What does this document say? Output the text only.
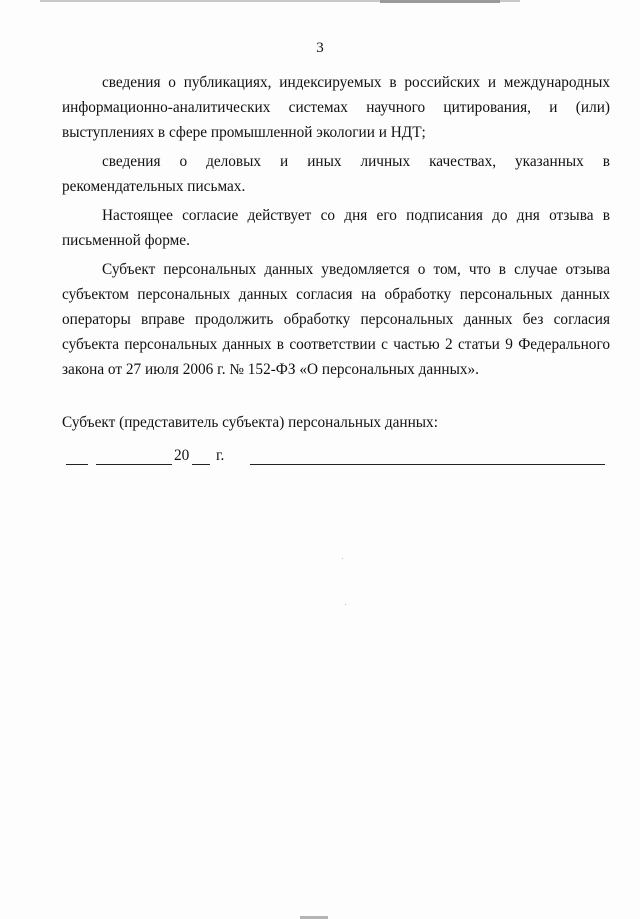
3

сведения о публикациях, индексируемых в российских и международных информационно-аналитических системах научного цитирования, и (или) выступлениях в сфере промышленной экологии и НДТ;

сведения о деловых и иных личных качествах, указанных в рекомендательных письмах.

Настоящее согласие действует со дня его подписания до дня отзыва в письменной форме.

Субъект персональных данных уведомляется о том, что в случае отзыва субъектом персональных данных согласия на обработку персональных данных операторы вправе продолжить обработку персональных данных без согласия субъекта персональных данных в соответствии с частью 2 статьи 9 Федерального закона от 27 июля 2006 г. № 152-ФЗ «О персональных данных».

Субъект (представитель субъекта) персональных данных:
20 г.
